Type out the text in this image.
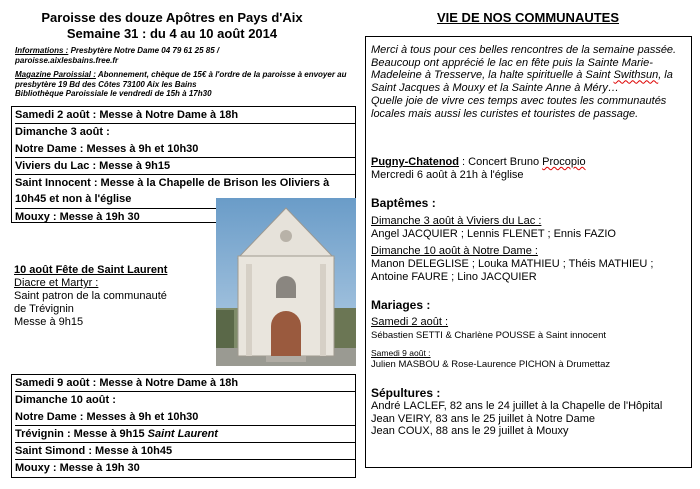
Paroisse des douze Apôtres en Pays d'Aix
Semaine 31 : du 4 au 10 août 2014
Informations : Presbytère Notre Dame 04 79 61 25 85 /
paroisse.aixlesbains.free.fr
Magazine Paroissial : Abonnement, chèque de 15€ à l'ordre de la paroisse à envoyer au presbytère 19 Bd des Côtes 73100 Aix les Bains
Bibliothèque Paroissiale le vendredi de 15h à 17h30
Samedi 2 août : Messe à Notre Dame à 18h
Dimanche 3 août :
Notre Dame : Messes à 9h et 10h30
Viviers du Lac : Messe à 9h15
Saint Innocent : Messe à la Chapelle de Brison les Oliviers à
10h45 et non à l'église
Mouxy : Messe à 19h 30
10 août Fête de Saint Laurent
Diacre et Martyr :
Saint patron de la communauté
de Trévignin
Messe à 9h15
Samedi 9 août : Messe à Notre Dame à 18h
Dimanche 10 août :
Notre Dame : Messes à 9h et 10h30
Trévignin : Messe à 9h15 Saint Laurent
Saint Simond : Messe à 10h45
Mouxy : Messe à 19h 30
VIE DE NOS COMMUNAUTES
Merci à tous pour ces belles rencontres de la semaine passée. Beaucoup ont apprécié le lac en fête puis la Sainte Marie-Madeleine à Tresserve, la halte spirituelle à Saint Swithsun, la Saint Jacques à Mouxy et la Sainte Anne à Méry…
Quelle joie de vivre ces temps avec toutes les communautés locales mais aussi les curistes et touristes de passage.
Pugny-Chatenod : Concert Bruno Procopio
Mercredi 6 août à 21h à l'église
Baptêmes :
Dimanche 3 août à Viviers du Lac :
Angel JACQUIER ; Lennis FLENET ; Ennis FAZIO
Dimanche 10 août à Notre Dame :
Manon DELEGLISE ; Louka MATHIEU ; Théis MATHIEU ;
Antoine FAURE ; Lino JACQUIER
Mariages :
Samedi 2 août :
Sébastien SETTI & Charlène POUSSE à Saint innocent
Samedi 9 août :
Julien MASBOU & Rose-Laurence PICHON à Drumettaz
Sépultures :
André LACLEF, 82 ans le 24 juillet à la Chapelle de l'Hôpital
Jean VEIRY, 83 ans le 25 juillet à Notre Dame
Jean COUX, 88 ans le 29 juillet à Mouxy
